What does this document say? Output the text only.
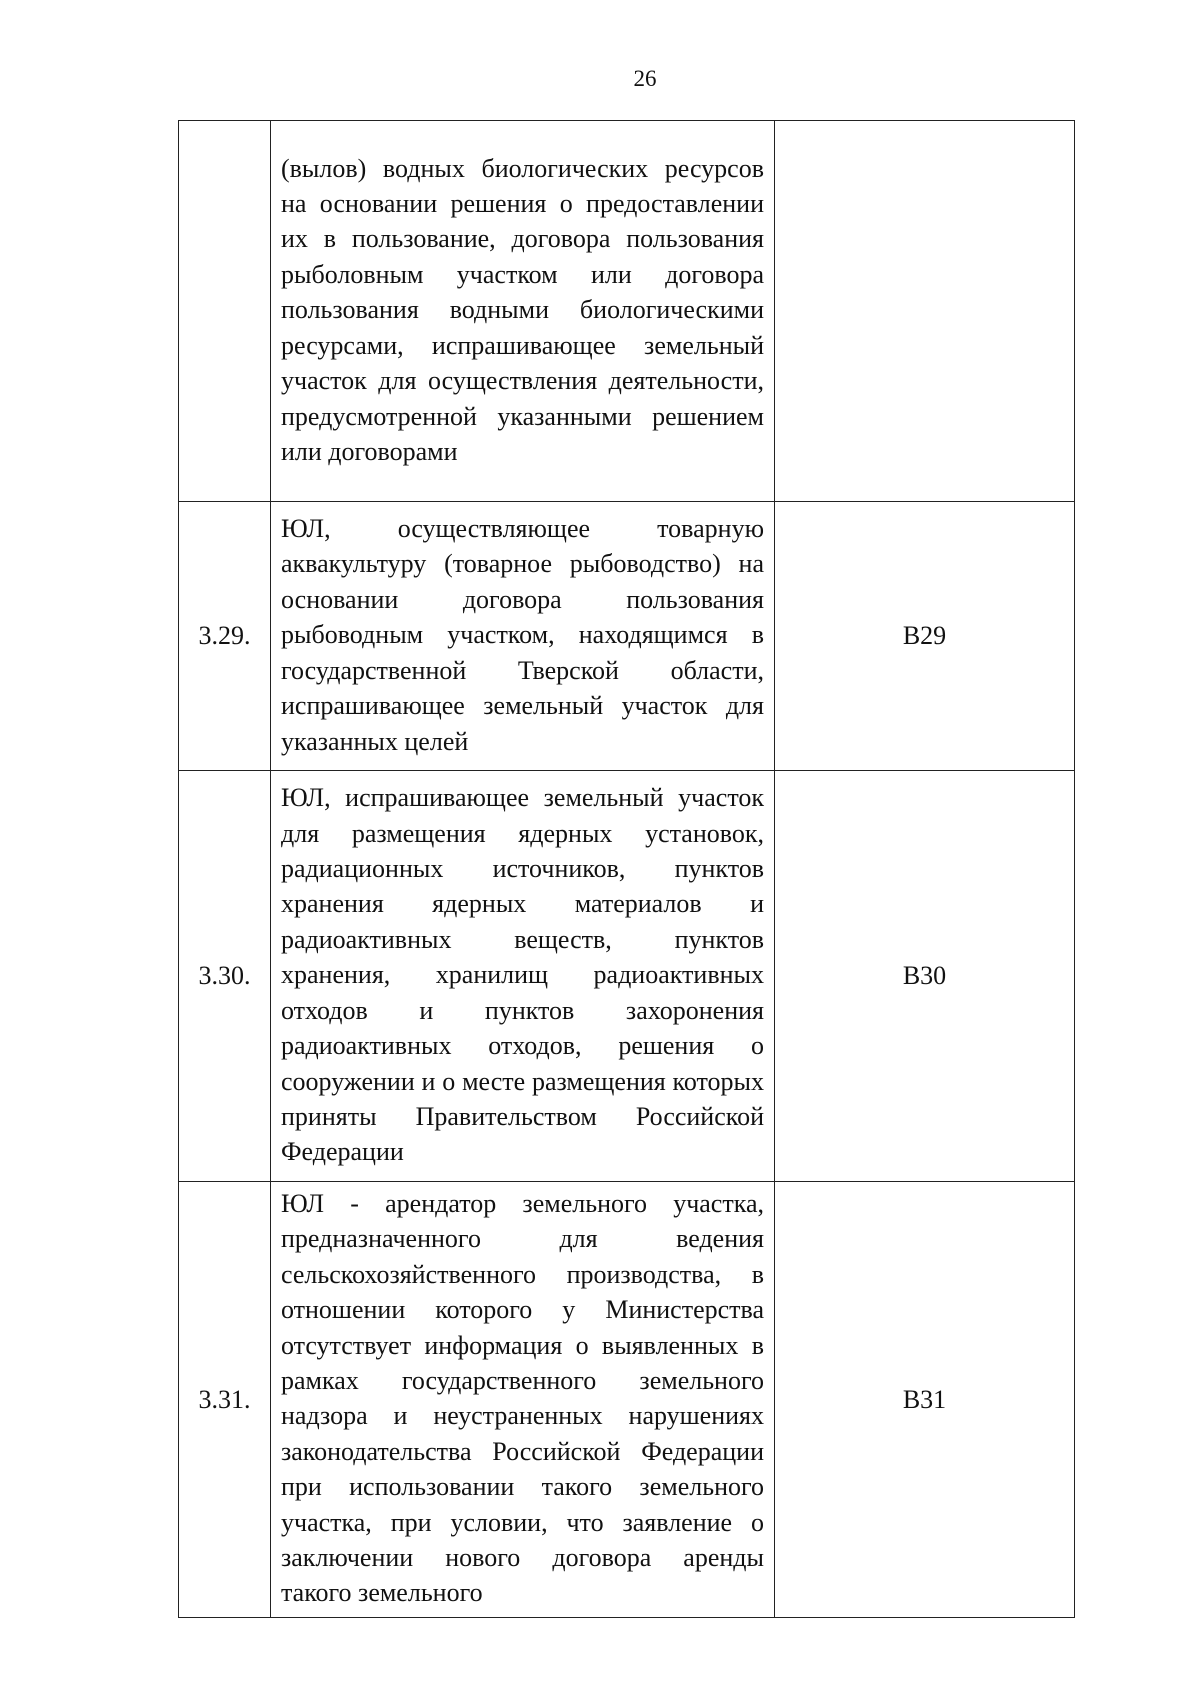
26
	(вылов) водных биологических ресурсов на основании решения о предоставлении их в пользование, договора пользования рыболовным участком или договора пользования водными биологическими ресурсами, испрашивающее земельный участок для осуществления деятельности, предусмотренной указанными решением или договорами	
3.29.	ЮЛ, осуществляющее товарную аквакультуру (товарное рыбоводство) на основании договора пользования рыбоводным участком, находящимся в государственной Тверской области, испрашивающее земельный участок для указанных целей	В29
3.30.	ЮЛ, испрашивающее земельный участок для размещения ядерных установок, радиационных источников, пунктов хранения ядерных материалов и радиоактивных веществ, пунктов хранения, хранилищ радиоактивных отходов и пунктов захоронения радиоактивных отходов, решения о сооружении и о месте размещения которых приняты Правительством Российской Федерации	В30
3.31.	ЮЛ - арендатор земельного участка, предназначенного для ведения сельскохозяйственного производства, в отношении которого у Министерства отсутствует информация о выявленных в рамках государственного земельного надзора и неустраненных нарушениях законодательства Российской Федерации при использовании такого земельного участка, при условии, что заявление о заключении нового договора аренды такого земельного	В31
